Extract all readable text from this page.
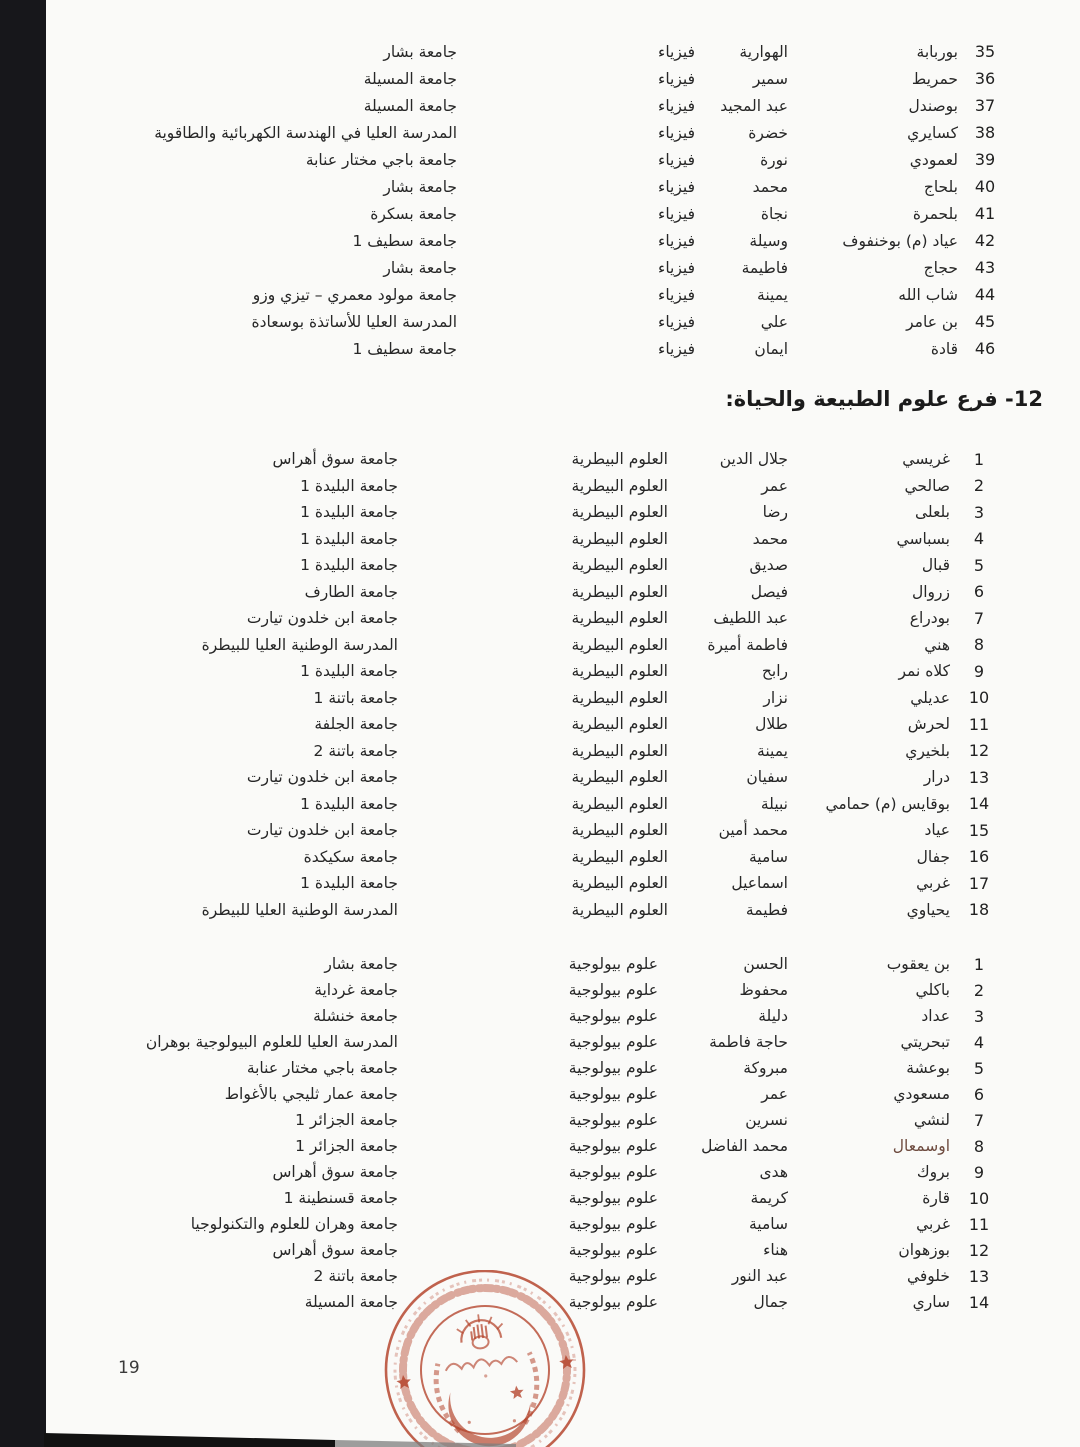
35
بوربابة
الهوارية
فيزياء
جامعة بشار
36
حمريط
سمير
فيزياء
جامعة المسيلة
37
بوصندل
عبد المجيد
فيزياء
جامعة المسيلة
38
كسايري
خضرة
فيزياء
المدرسة العليا في الهندسة الكهربائية والطاقوية
39
لعمودي
نورة
فيزياء
جامعة باجي مختار عنابة
40
بلحاج
محمد
فيزياء
جامعة بشار
41
بلحمرة
نجاة
فيزياء
جامعة بسكرة
42
عياد (م) بوخنفوف
وسيلة
فيزياء
جامعة سطيف 1
43
حجاج
فاطيمة
فيزياء
جامعة بشار
44
شاب الله
يمينة
فيزياء
جامعة مولود معمري – تيزي وزو
45
بن عامر
علي
فيزياء
المدرسة العليا للأساتذة بوسعادة
46
قادة
ايمان
فيزياء
جامعة سطيف 1
12- فرع علوم الطبيعة والحياة:
1
غريسي
جلال الدين
العلوم البيطرية
جامعة سوق أهراس
2
صالحي
عمر
العلوم البيطرية
جامعة البليدة 1
3
بلعلى
رضا
العلوم البيطرية
جامعة البليدة 1
4
بسباسي
محمد
العلوم البيطرية
جامعة البليدة 1
5
قبال
صديق
العلوم البيطرية
جامعة البليدة 1
6
زروال
فيصل
العلوم البيطرية
جامعة الطارف
7
بودراع
عبد اللطيف
العلوم البيطرية
جامعة ابن خلدون تيارت
8
هني
فاطمة أميرة
العلوم البيطرية
المدرسة الوطنية العليا للبيطرة
9
كلاه نمر
رابح
العلوم البيطرية
جامعة البليدة 1
10
عديلي
نزار
العلوم البيطرية
جامعة باتنة 1
11
لحرش
طلال
العلوم البيطرية
جامعة الجلفة
12
بلخيري
يمينة
العلوم البيطرية
جامعة باتنة 2
13
درار
سفيان
العلوم البيطرية
جامعة ابن خلدون تيارت
14
بوقايس (م) حمامي
نبيلة
العلوم البيطرية
جامعة البليدة 1
15
عياد
محمد أمين
العلوم البيطرية
جامعة ابن خلدون تيارت
16
جفال
سامية
العلوم البيطرية
جامعة سكيكدة
17
غربي
اسماعيل
العلوم البيطرية
جامعة البليدة 1
18
يحياوي
فطيمة
العلوم البيطرية
المدرسة الوطنية العليا للبيطرة
1
بن يعقوب
الحسن
علوم بيولوجية
جامعة بشار
2
باكلي
محفوظ
علوم بيولوجية
جامعة غرداية
3
عداد
دليلة
علوم بيولوجية
جامعة خنشلة
4
تبحريتي
حاجة فاطمة
علوم بيولوجية
المدرسة العليا للعلوم البيولوجية بوهران
5
بوعشة
مبروكة
علوم بيولوجية
جامعة باجي مختار عنابة
6
مسعودي
عمر
علوم بيولوجية
جامعة عمار ثليجي بالأغواط
7
لنشي
نسرين
علوم بيولوجية
جامعة الجزائر 1
8
اوسمعال
محمد الفاضل
علوم بيولوجية
جامعة الجزائر 1
9
بروك
هدى
علوم بيولوجية
جامعة سوق أهراس
10
قارة
كريمة
علوم بيولوجية
جامعة قسنطينة 1
11
غربي
سامية
علوم بيولوجية
جامعة وهران للعلوم والتكنولوجيا
12
بوزهوان
هناء
علوم بيولوجية
جامعة سوق أهراس
13
خلوفي
عبد النور
علوم بيولوجية
جامعة باتنة 2
14
ساري
جمال
علوم بيولوجية
جامعة المسيلة
19
